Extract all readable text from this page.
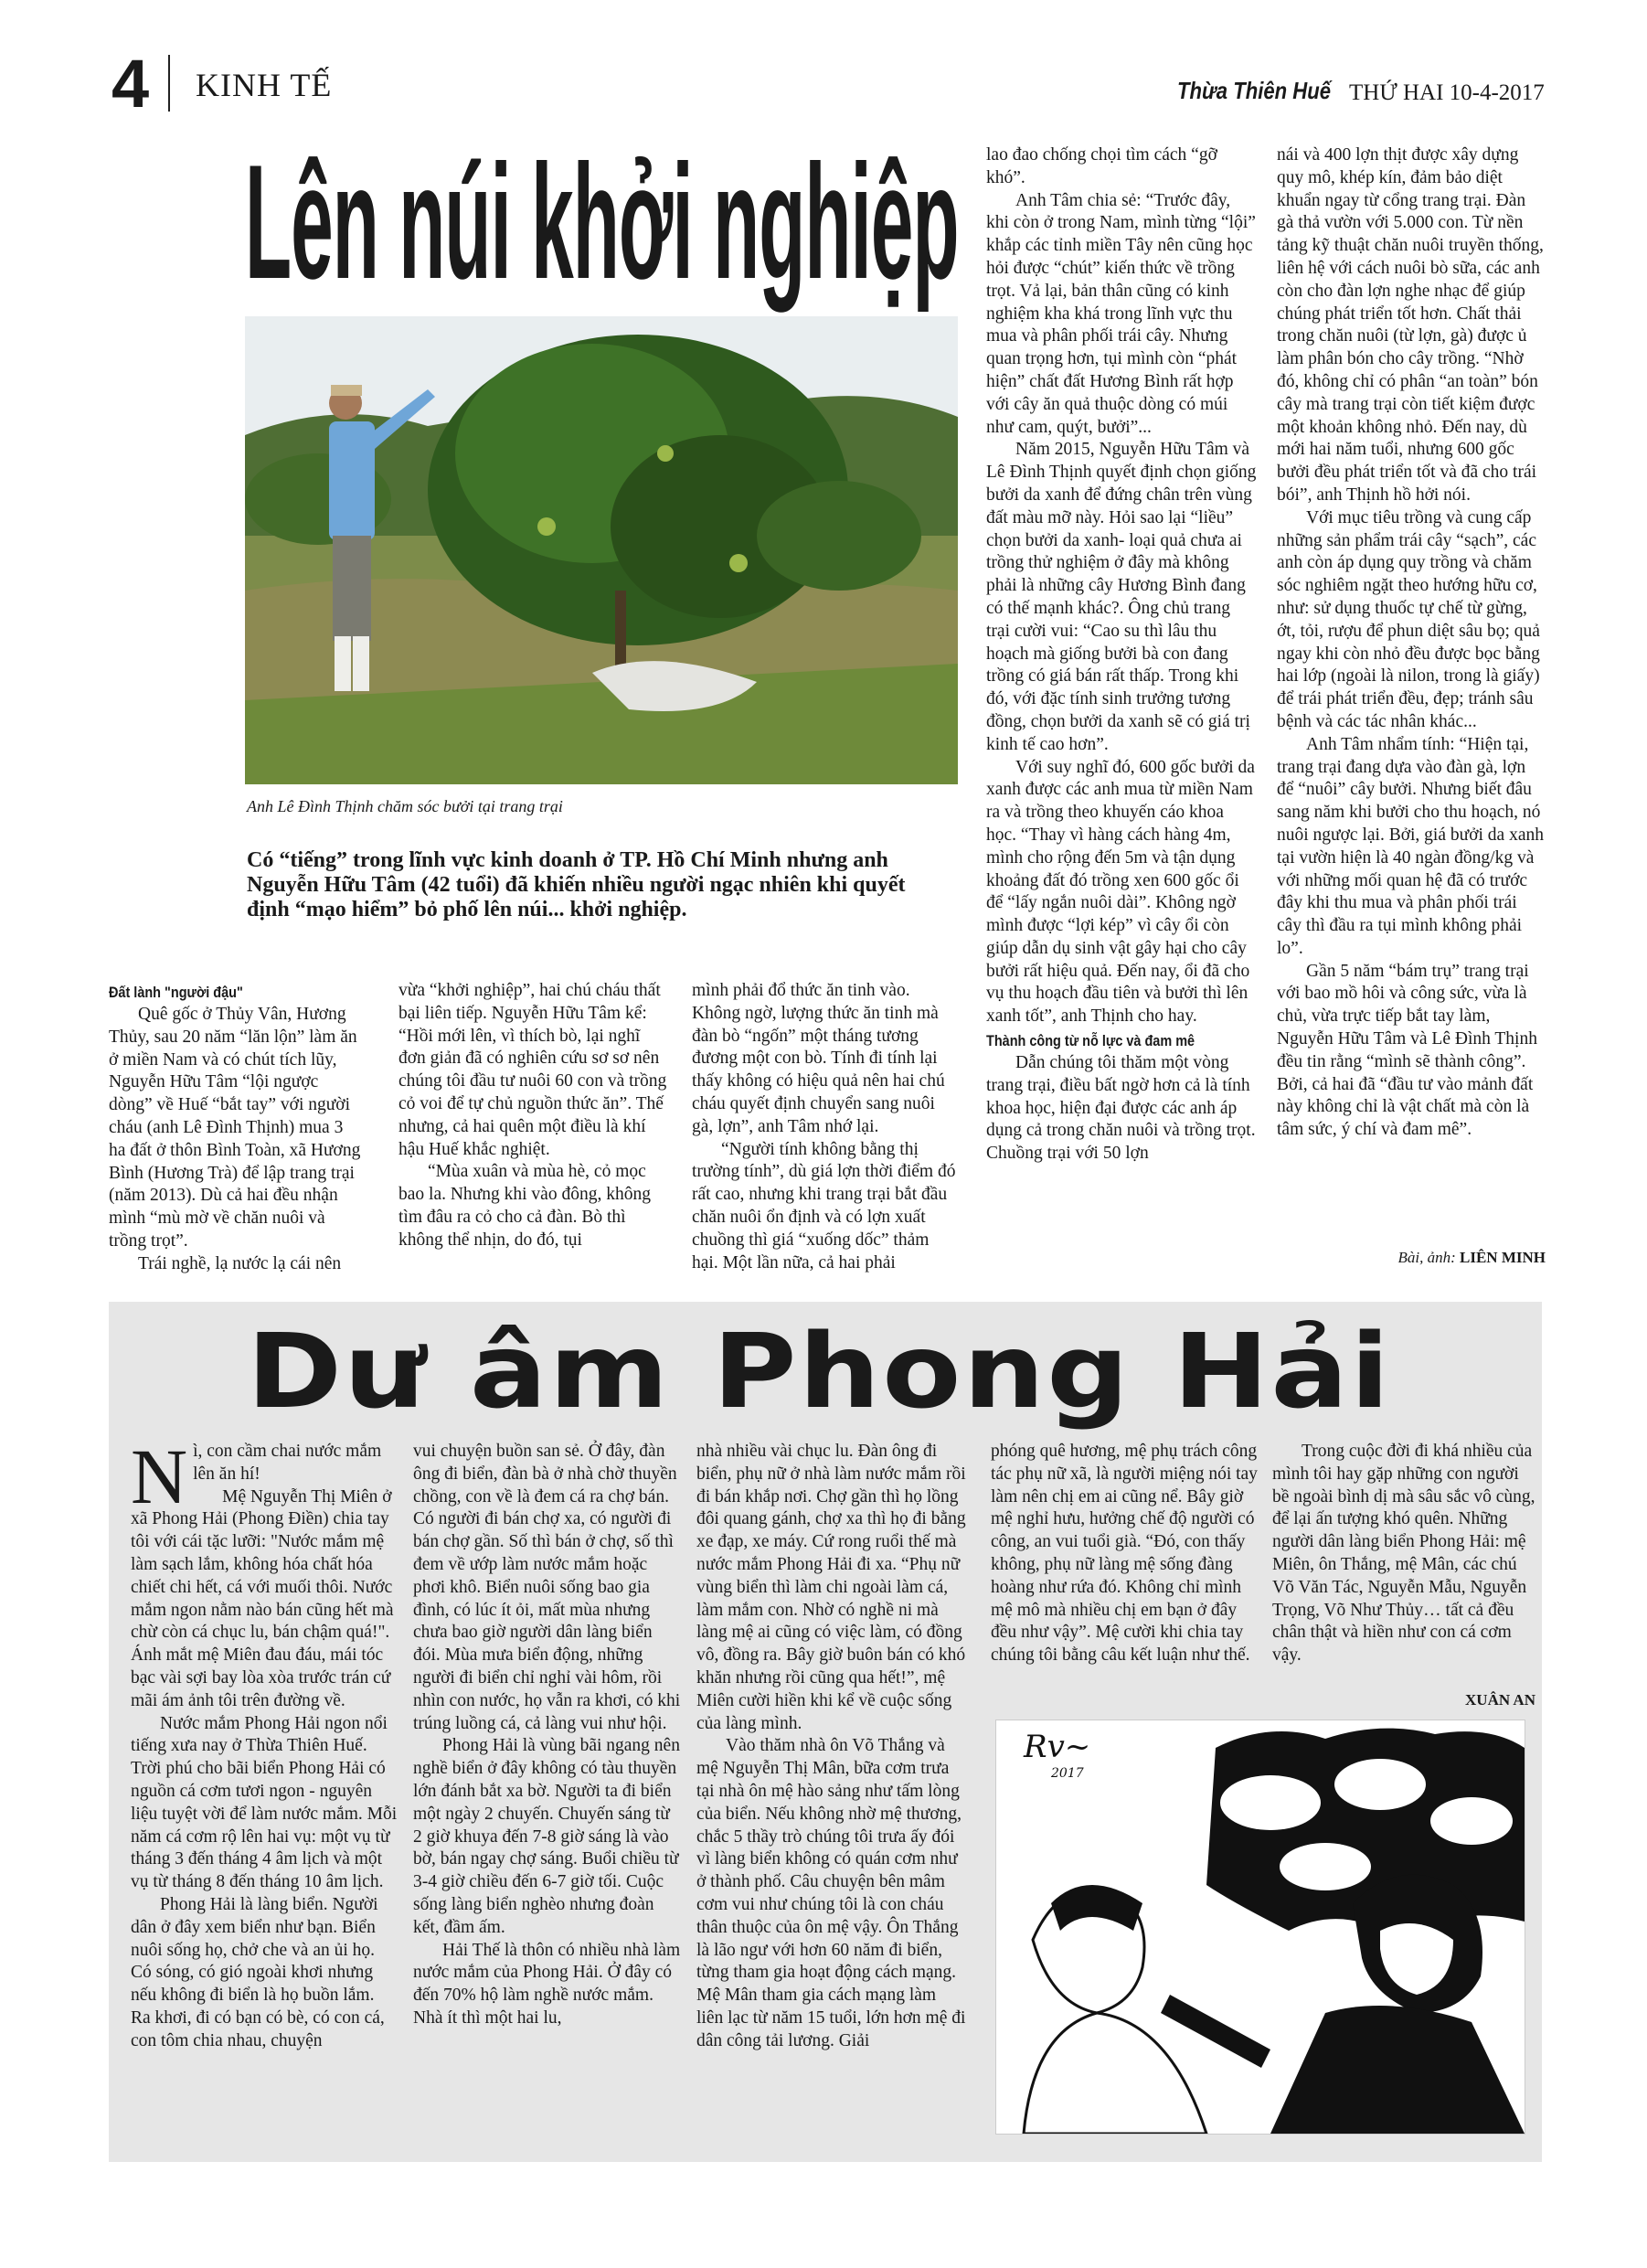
4 KINH TẾ	Thừa Thiên Huế THỨ HAI 10-4-2017
Lên núi khởi nghiệp
Anh Lê Đình Thịnh chăm sóc bưởi tại trang trại
Có “tiếng” trong lĩnh vực kinh doanh ở TP. Hồ Chí Minh nhưng anh Nguyễn Hữu Tâm (42 tuổi) đã khiến nhiều người ngạc nhiên khi quyết định “mạo hiểm” bỏ phố lên núi... khởi nghiệp.
Đất lành "người đậu"

Quê gốc ở Thủy Vân, Hương Thủy, sau 20 năm “lăn lộn” làm ăn ở miền Nam và có chút tích lũy, Nguyễn Hữu Tâm “lội ngược dòng” về Huế “bắt tay” với người cháu (anh Lê Đình Thịnh) mua 3 ha đất ở thôn Bình Toàn, xã Hương Bình (Hương Trà) để lập trang trại (năm 2013). Dù cả hai đều nhận mình “mù mờ về chăn nuôi và trồng trọt”.

Trái nghề, lạ nước lạ cái nên

vừa “khởi nghiệp”, hai chú cháu thất bại liên tiếp. Nguyễn Hữu Tâm kể: “Hồi mới lên, vì thích bò, lại nghĩ đơn giản đã có nghiên cứu sơ sơ nên chúng tôi đầu tư nuôi 60 con và trồng cỏ voi để tự chủ nguồn thức ăn”. Thế nhưng, cả hai quên một điều là khí hậu Huế khắc nghiệt.

“Mùa xuân và mùa hè, cỏ mọc bao la. Nhưng khi vào đông, không tìm đâu ra cỏ cho cả đàn. Bò thì không thể nhịn, do đó, tụi

mình phải đổ thức ăn tinh vào. Không ngờ, lượng thức ăn tinh mà đàn bò “ngốn” một tháng tương đương một con bò. Tính đi tính lại thấy không có hiệu quả nên hai chú cháu quyết định chuyển sang nuôi gà, lợn”, anh Tâm nhớ lại.

“Người tính không bằng thị trường tính”, dù giá lợn thời điểm đó rất cao, nhưng khi trang trại bắt đầu chăn nuôi ổn định và có lợn xuất chuồng thì giá “xuống dốc” thảm hại. Một lần nữa, cả hai phải

lao đao chống chọi tìm cách “gỡ khó”.

Anh Tâm chia sẻ: “Trước đây, khi còn ở trong Nam, mình từng “lội” khắp các tỉnh miền Tây nên cũng học hỏi được “chút” kiến thức về trồng trọt. Vả lại, bản thân cũng có kinh nghiệm kha khá trong lĩnh vực thu mua và phân phối trái cây. Nhưng quan trọng hơn, tụi mình còn “phát hiện” chất đất Hương Bình rất hợp với cây ăn quả thuộc dòng có múi như cam, quýt, bưởi”...

Năm 2015, Nguyễn Hữu Tâm và Lê Đình Thịnh quyết định chọn giống bưởi da xanh để đứng chân trên vùng đất màu mỡ này. Hỏi sao lại “liều” chọn bưởi da xanh- loại quả chưa ai trồng thử nghiệm ở đây mà không phải là những cây Hương Bình đang có thế mạnh khác?. Ông chủ trang trại cười vui: “Cao su thì lâu thu hoạch mà giống bưởi bà con đang trồng có giá bán rất thấp. Trong khi đó, với đặc tính sinh trưởng tương đồng, chọn bưởi da xanh sẽ có giá trị kinh tế cao hơn”.

Với suy nghĩ đó, 600 gốc bưởi da xanh được các anh mua từ miền Nam ra và trồng theo khuyến cáo khoa học. “Thay vì hàng cách hàng 4m, mình cho rộng đến 5m và tận dụng khoảng đất đó trồng xen 600 gốc ổi để “lấy ngắn nuôi dài”. Không ngờ mình được “lợi kép” vì cây ổi còn giúp dẫn dụ sinh vật gây hại cho cây bưởi rất hiệu quả. Đến nay, ổi đã cho vụ thu hoạch đầu tiên và bưởi thì lên xanh tốt”, anh Thịnh cho hay.

Thành công từ nỗ lực và đam mê

Dẫn chúng tôi thăm một vòng trang trại, điều bất ngờ hơn cả là tính khoa học, hiện đại được các anh áp dụng cả trong chăn nuôi và trồng trọt. Chuồng trại với 50 lợn

nái và 400 lợn thịt được xây dựng quy mô, khép kín, đảm bảo diệt khuẩn ngay từ cổng trang trại. Đàn gà thả vườn với 5.000 con. Từ nền tảng kỹ thuật chăn nuôi truyền thống, liên hệ với cách nuôi bò sữa, các anh còn cho đàn lợn nghe nhạc để giúp chúng phát triển tốt hơn. Chất thải trong chăn nuôi (từ lợn, gà) được ủ làm phân bón cho cây trồng. “Nhờ đó, không chỉ có phân “an toàn” bón cây mà trang trại còn tiết kiệm được một khoản không nhỏ. Đến nay, dù mới hai năm tuổi, nhưng 600 gốc bưởi đều phát triển tốt và đã cho trái bói”, anh Thịnh hồ hởi nói.

Với mục tiêu trồng và cung cấp những sản phẩm trái cây “sạch”, các anh còn áp dụng quy trồng và chăm sóc nghiêm ngặt theo hướng hữu cơ, như: sử dụng thuốc tự chế từ gừng, ớt, tỏi, rượu để phun diệt sâu bọ; quả ngay khi còn nhỏ đều được bọc bằng hai lớp (ngoài là nilon, trong là giấy) để trái phát triển đều, đẹp; tránh sâu bệnh và các tác nhân khác...

Anh Tâm nhẩm tính: “Hiện tại, trang trại đang dựa vào đàn gà, lợn để “nuôi” cây bưởi. Nhưng biết đâu sang năm khi bưởi cho thu hoạch, nó nuôi ngược lại. Bởi, giá bưởi da xanh tại vườn hiện là 40 ngàn đồng/kg và với những mối quan hệ đã có trước đây khi thu mua và phân phối trái cây thì đầu ra tụi mình không phải lo”.

Gần 5 năm “bám trụ” trang trại với bao mồ hôi và công sức, vừa là chủ, vừa trực tiếp bắt tay làm, Nguyễn Hữu Tâm và Lê Đình Thịnh đều tin rằng “mình sẽ thành công”. Bởi, cả hai đã “đầu tư vào mảnh đất này không chỉ là vật chất mà còn là tâm sức, ý chí và đam mê”.

Bài, ảnh: LIÊN MINH
Dư âm Phong Hải
N ì, con cầm chai nước mắm lên ăn hí!

Mệ Nguyễn Thị Miên ở xã Phong Hải (Phong Điền) chia tay tôi với cái tặc lưỡi: "Nước mắm mệ làm sạch lắm, không hóa chất hóa chiết chi hết, cá với muối thôi. Nước mắm ngon nằm nào bán cũng hết mà chừ còn cá chục lu, bán chậm quá!". Ánh mắt mệ Miên đau đáu, mái tóc bạc vài sợi bay lòa xòa trước trán cứ mãi ám ảnh tôi trên đường về.

Nước mắm Phong Hải ngon nổi tiếng xưa nay ở Thừa Thiên Huế. Trời phú cho bãi biển Phong Hải có nguồn cá cơm tươi ngon - nguyên liệu tuyệt vời để làm nước mắm. Mỗi năm cá cơm rộ lên hai vụ: một vụ từ tháng 3 đến tháng 4 âm lịch và một vụ từ tháng 8 đến tháng 10 âm lịch.

Phong Hải là làng biển. Người dân ở đây xem biển như bạn. Biển nuôi sống họ, chở che và an ủi họ. Có sóng, có gió ngoài khơi nhưng nếu không đi biển là họ buồn lắm. Ra khơi, đi có bạn có bè, có con cá, con tôm chia nhau, chuyện

vui chuyện buồn san sẻ. Ở đây, đàn ông đi biển, đàn bà ở nhà chờ thuyền chồng, con về là đem cá ra chợ bán. Có người đi bán chợ xa, có người đi bán chợ gần. Số thì bán ở chợ, số thì đem về ướp làm nước mắm hoặc phơi khô. Biển nuôi sống bao gia đình, có lúc ít ỏi, mất mùa nhưng chưa bao giờ người dân làng biển đói. Mùa mưa biển động, những người đi biển chỉ nghỉ vài hôm, rồi nhìn con nước, họ vẫn ra khơi, có khi trúng luồng cá, cả làng vui như hội.

Phong Hải là vùng bãi ngang nên nghề biển ở đây không có tàu thuyền lớn đánh bắt xa bờ. Người ta đi biển một ngày 2 chuyến. Chuyến sáng từ 2 giờ khuya đến 7-8 giờ sáng là vào bờ, bán ngay chợ sáng. Buổi chiều từ 3-4 giờ chiều đến 6-7 giờ tối. Cuộc sống làng biển nghèo nhưng đoàn kết, đầm ấm.

Hải Thế là thôn có nhiều nhà làm nước mắm của Phong Hải. Ở đây có đến 70% hộ làm nghề nước mắm. Nhà ít thì một hai lu,

nhà nhiều vài chục lu. Đàn ông đi biển, phụ nữ ở nhà làm nước mắm rồi đi bán khắp nơi. Chợ gần thì họ lồng đôi quang gánh, chợ xa thì họ đi bằng xe đạp, xe máy. Cứ rong ruổi thế mà nước mắm Phong Hải đi xa. “Phụ nữ vùng biển thì làm chi ngoài làm cá, làm mắm con. Nhờ có nghề ni mà làng mệ ai cũng có việc làm, có đồng vô, đồng ra. Bây giờ buôn bán có khó khăn nhưng rồi cũng qua hết!”, mệ Miên cười hiền khi kể về cuộc sống của làng mình.

Vào thăm nhà ôn Võ Thắng và mệ Nguyễn Thị Mân, bữa cơm trưa tại nhà ôn mệ hào sảng như tấm lòng của biển. Nếu không nhờ mệ thương, chắc 5 thầy trò chúng tôi trưa ấy đói vì làng biển không có quán cơm như ở thành phố. Câu chuyện bên mâm cơm vui như chúng tôi là con cháu thân thuộc của ôn mệ vậy. Ôn Thắng là lão ngư với hơn 60 năm đi biển, từng tham gia hoạt động cách mạng. Mệ Mân tham gia cách mạng làm liên lạc từ năm 15 tuổi, lớn hơn mệ đi dân công tải lương. Giải

phóng quê hương, mệ phụ trách công tác phụ nữ xã, là người miệng nói tay làm nên chị em ai cũng nể. Bây giờ mệ nghỉ hưu, hưởng chế độ người có công, an vui tuổi già. “Đó, con thấy không, phụ nữ làng mệ sống đàng hoàng như rứa đó. Không chỉ mình mệ mô mà nhiều chị em bạn ở đây đều như vậy”. Mệ cười khi chia tay chúng tôi bằng câu kết luận như thế.

Trong cuộc đời đi khá nhiều của mình tôi hay gặp những con người bề ngoài bình dị mà sâu sắc vô cùng, để lại ấn tượng khó quên. Những người dân làng biển Phong Hải: mệ Miên, ôn Thắng, mệ Mân, các chú Võ Văn Tác, Nguyễn Mẫu, Nguyễn Trọng, Võ Như Thủy… tất cả đều chân thật và hiền như con cá cơm vậy.

XUÂN AN
Rv~
2017
